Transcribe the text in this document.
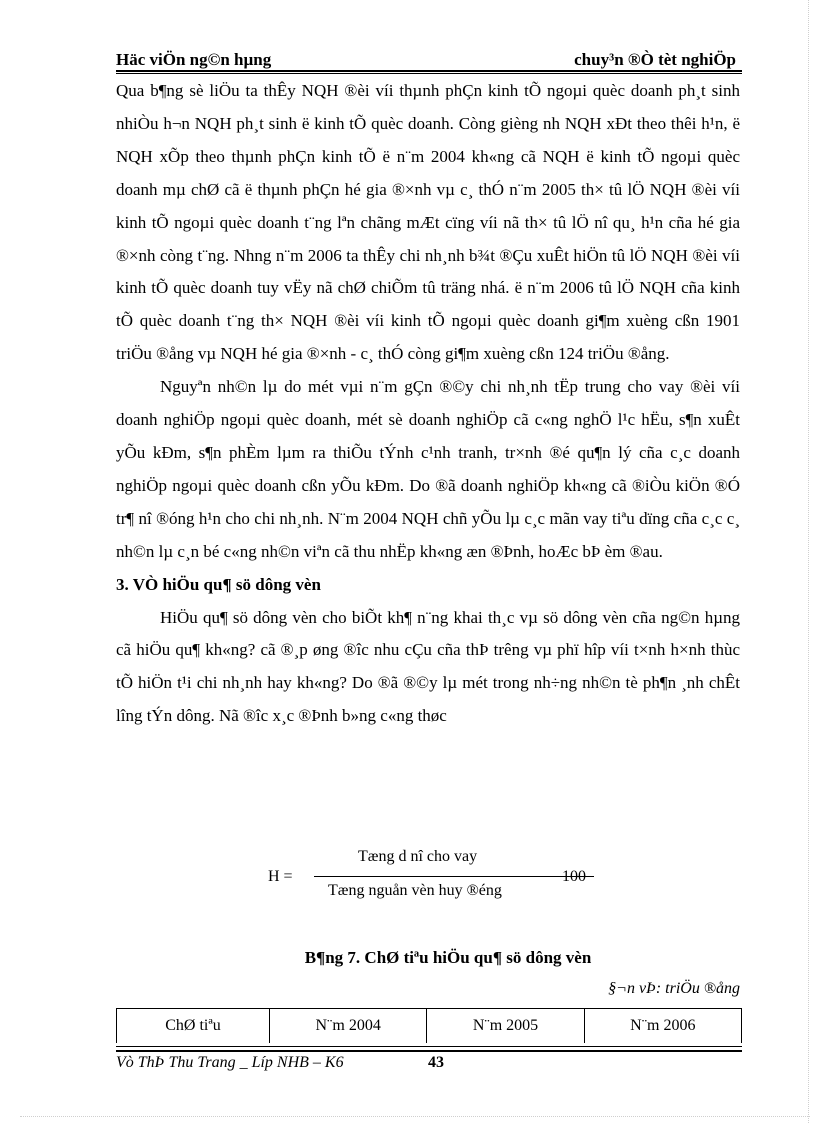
Häc viÖn ng©n hµng	chuy³n ®Ò tèt nghiÖp

Qua b¶ng sè liÖu ta thÊy NQH ®èi víi thµnh phÇn kinh tÕ ngoµi quèc doanh ph¸t sinh nhiÒu h¬n NQH ph¸t sinh ë kinh tÕ quèc doanh. Còng gièng nh NQH xÐt theo thêi h¹n, ë NQH xÕp theo thµnh phÇn kinh tÕ ë n¨m 2004 kh«ng cã NQH ë kinh tÕ ngoµi quèc doanh mµ chØ cã ë thµnh phÇn hé gia ®×nh vµ c¸ thÓ n¨m 2005 th× tû lÖ NQH ®èi víi kinh tÕ ngoµi quèc doanh t¨ng lªn chãng mÆt cïng víi nã th× tû lÖ nî qu¸ h¹n cña hé gia ®×nh còng t¨ng. Nhng n¨m 2006 ta thÊy chi nh¸nh b¾t ®Çu xuÊt hiÖn tû lÖ NQH ®èi víi kinh tÕ quèc doanh tuy vËy nã chØ chiÕm tû träng nhá. ë n¨m 2006 tû lÖ NQH cña kinh tÕ quèc doanh t¨ng th× NQH ®èi víi kinh tÕ ngoµi quèc doanh gi¶m xuèng cßn 1901 triÖu ®ång vµ NQH hé gia ®×nh - c¸ thÓ còng gi¶m xuèng cßn 124 triÖu ®ång.

Nguyªn nh©n lµ do mét vµi n¨m gÇn ®©y chi nh¸nh tËp trung cho vay ®èi víi doanh nghiÖp ngoµi quèc doanh, mét sè doanh nghiÖp cã c«ng nghÖ l¹c hËu, s¶n xuÊt yÕu kÐm, s¶n phÈm lµm ra thiÕu tÝnh c¹nh tranh, tr×nh ®é qu¶n lý cña c¸c doanh nghiÖp ngoµi quèc doanh cßn yÕu kÐm. Do ®ã doanh nghiÖp kh«ng cã ®iÒu kiÖn ®Ó tr¶ nî ®óng h¹n cho chi nh¸nh. N¨m 2004 NQH chñ yÕu lµ c¸c mãn vay tiªu dïng cña c¸c c¸ nh©n lµ c¸n bé c«ng nh©n viªn cã thu nhËp kh«ng æn ®Þnh, hoÆc bÞ èm ®au.

3. VÒ hiÖu qu¶ sö dông vèn

HiÖu qu¶ sö dông vèn cho biÕt kh¶ n¨ng khai th¸c vµ sö dông vèn cña ng©n hµng cã hiÖu qu¶ kh«ng? cã ®¸p øng ®îc nhu cÇu cña thÞ trêng vµ phï hîp víi t×nh h×nh thùc tÕ hiÖn t¹i chi nh¸nh hay kh«ng? Do ®ã ®©y lµ mét trong nh÷ng nh©n tè ph¶n ¸nh chÊt lîng tÝn dông. Nã ®îc x¸c ®Þnh b»ng c«ng thøc

H =
Tæng d nî cho vay
Tæng nguån vèn huy ®éng
100
B¶ng 7. ChØ tiªu hiÖu qu¶ sö dông vèn
§¬n vÞ: triÖu ®ång
ChØ tiªu	N¨m 2004	N¨m 2005	N¨m 2006
Vò ThÞ Thu Trang _ Líp NHB – K6	43
